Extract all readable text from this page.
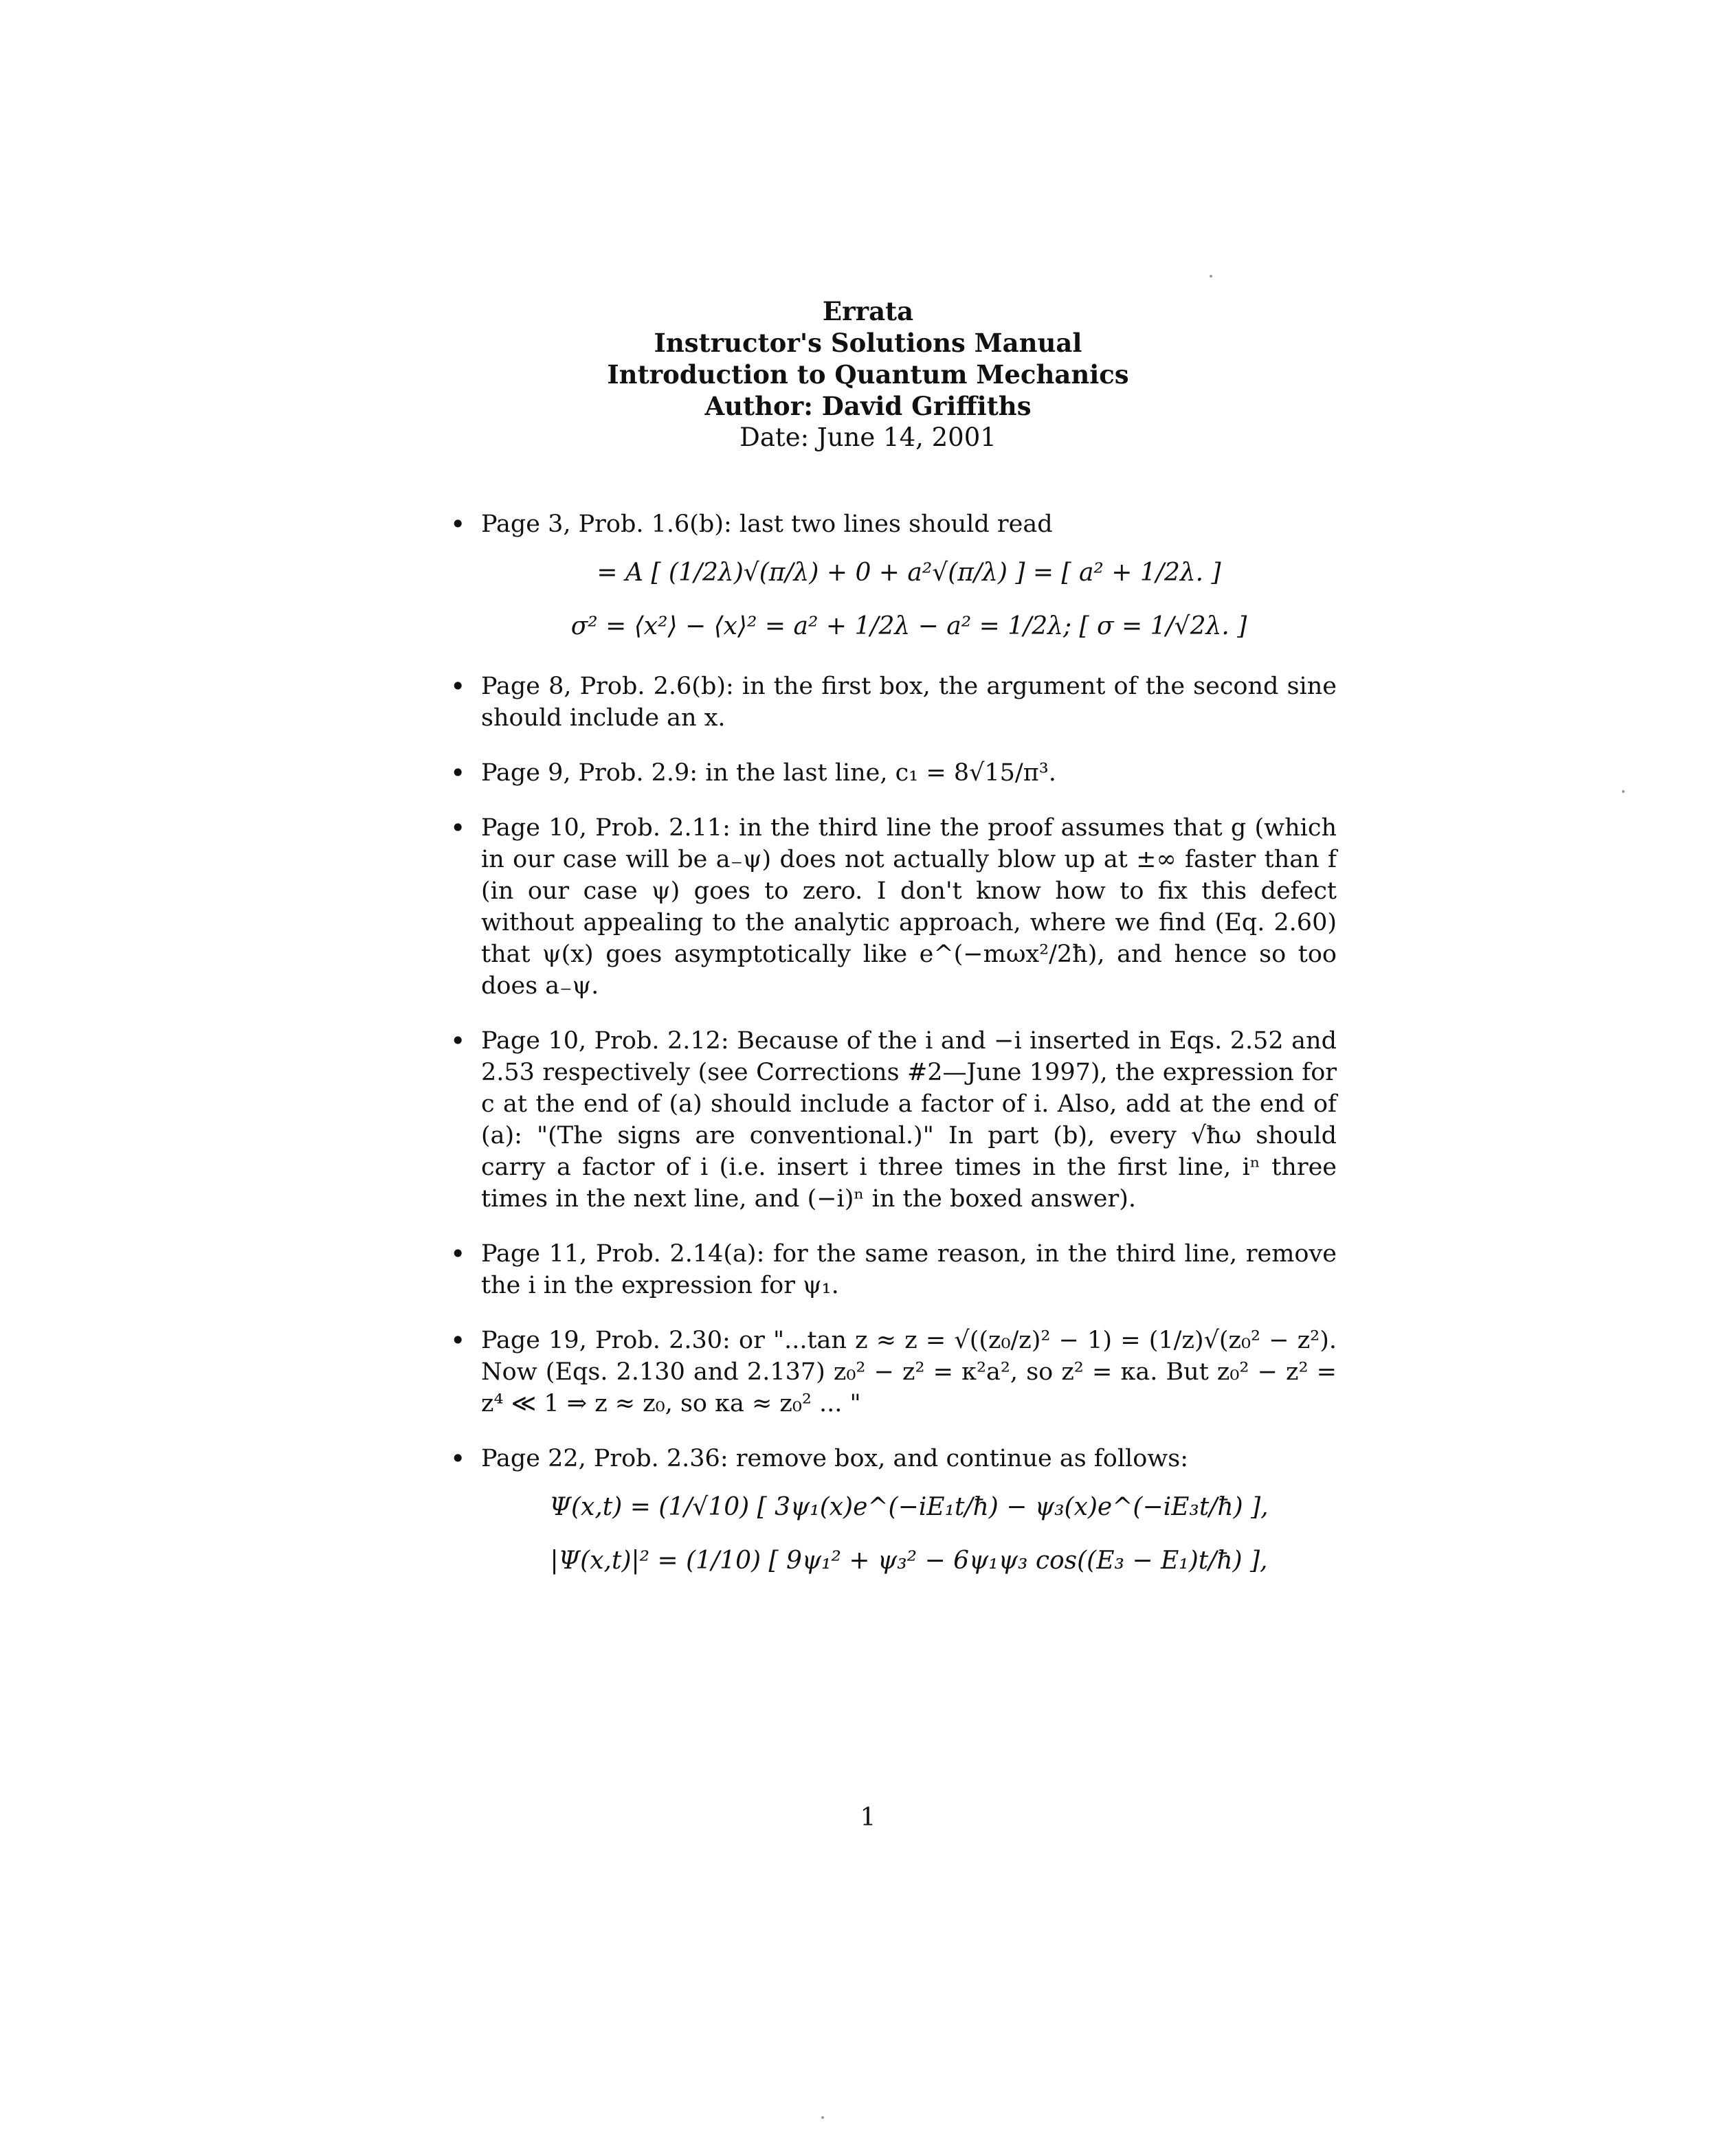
Errata
Instructor's Solutions Manual
Introduction to Quantum Mechanics
Author: David Griffiths
Date: June 14, 2001
• Page 3, Prob. 1.6(b): last two lines should read
= A [ (1/2λ)√(π/λ) + 0 + a²√(π/λ) ] = [ a² + 1/2λ. ]
σ² = ⟨x²⟩ − ⟨x⟩² = a² + 1/2λ − a² = 1/2λ; [ σ = 1/√2λ. ]
• Page 8, Prob. 2.6(b): in the first box, the argument of the second sine should include an x.
• Page 9, Prob. 2.9: in the last line, c₁ = 8√15/π³.
• Page 10, Prob. 2.11: in the third line the proof assumes that g (which in our case will be a₋ψ) does not actually blow up at ±∞ faster than f (in our case ψ) goes to zero. I don't know how to fix this defect without appealing to the analytic approach, where we find (Eq. 2.60) that ψ(x) goes asymptotically like e^(−mωx²/2ħ), and hence so too does a₋ψ.
• Page 10, Prob. 2.12: Because of the i and −i inserted in Eqs. 2.52 and 2.53 respectively (see Corrections #2—June 1997), the expression for c at the end of (a) should include a factor of i. Also, add at the end of (a): "(The signs are conventional.)" In part (b), every √ħω should carry a factor of i (i.e. insert i three times in the first line, iⁿ three times in the next line, and (−i)ⁿ in the boxed answer).
• Page 11, Prob. 2.14(a): for the same reason, in the third line, remove the i in the expression for ψ₁.
• Page 19, Prob. 2.30: or "...tan z ≈ z = √((z₀/z)² − 1) = (1/z)√(z₀² − z²). Now (Eqs. 2.130 and 2.137) z₀² − z² = κ²a², so z² = κa. But z₀² − z² = z⁴ ≪ 1 ⇒ z ≈ z₀, so κa ≈ z₀² ... "
• Page 22, Prob. 2.36: remove box, and continue as follows:
Ψ(x,t) = (1/√10) [ 3ψ₁(x)e^(−iE₁t/ħ) − ψ₃(x)e^(−iE₃t/ħ) ],
|Ψ(x,t)|² = (1/10) [ 9ψ₁² + ψ₃² − 6ψ₁ψ₃ cos((E₃ − E₁)t/ħ) ],
1
